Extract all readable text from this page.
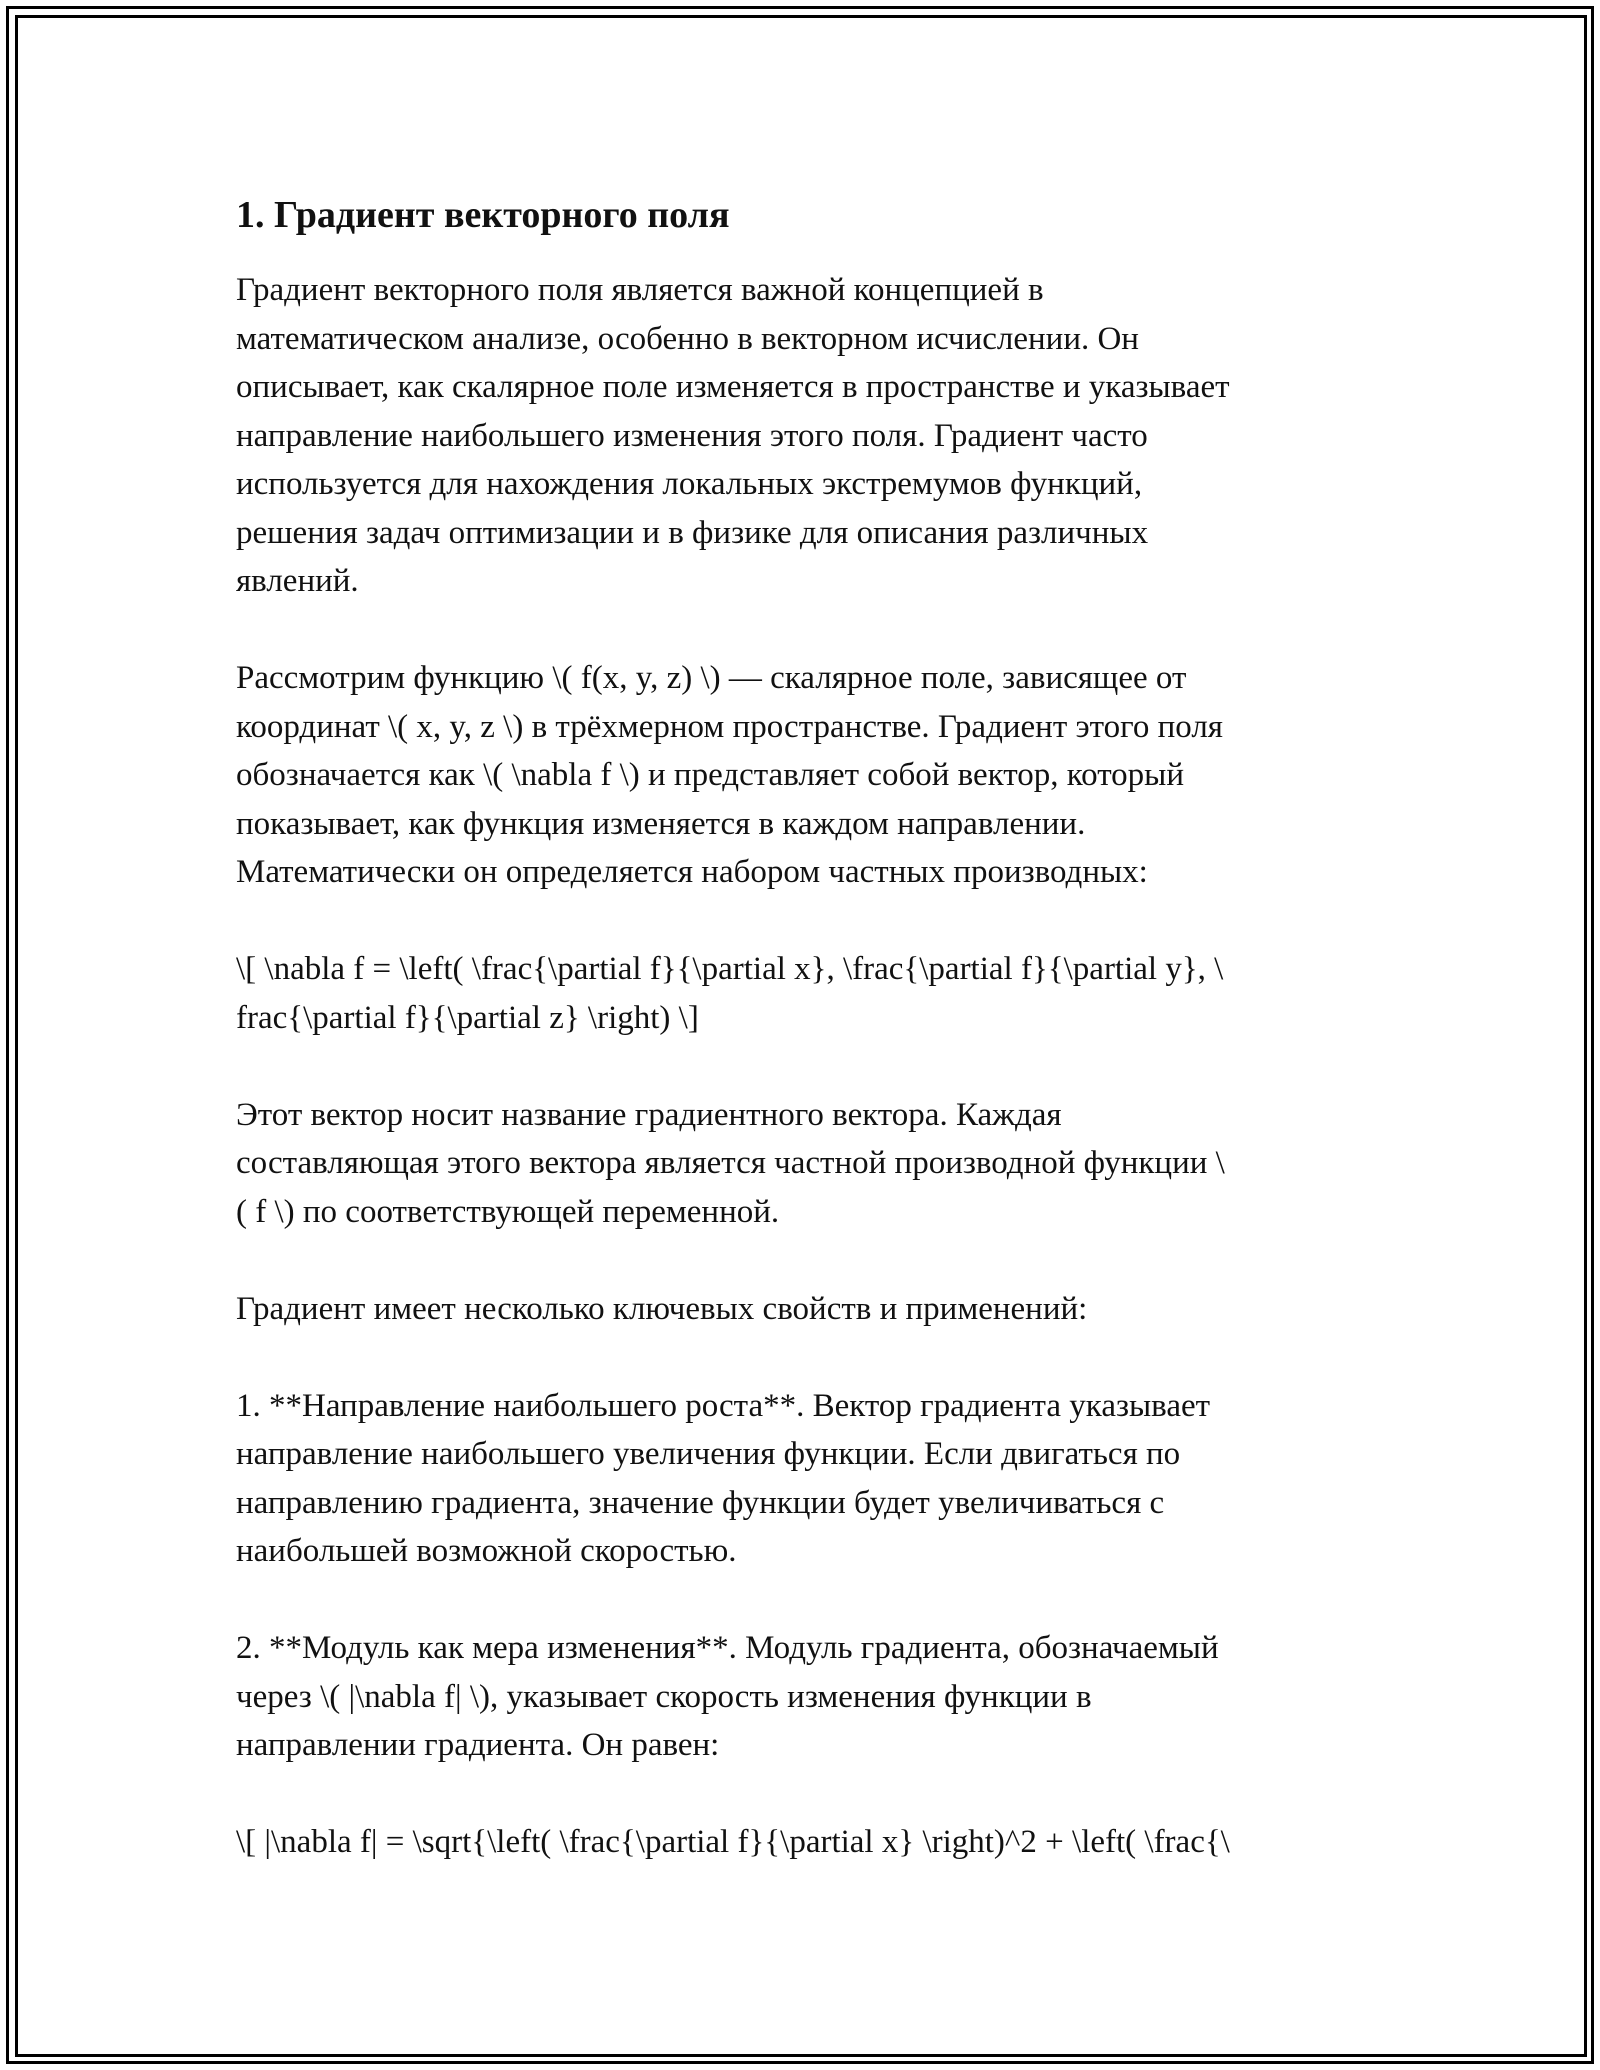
1. Градиент векторного поля
Градиент векторного поля является важной концепцией в
математическом анализе, особенно в векторном исчислении. Он
описывает, как скалярное поле изменяется в пространстве и указывает
направление наибольшего изменения этого поля. Градиент часто
используется для нахождения локальных экстремумов функций,
решения задач оптимизации и в физике для описания различных
явлений.
Рассмотрим функцию \( f(x, y, z) \) — скалярное поле, зависящее от
координат \( x, y, z \) в трёхмерном пространстве. Градиент этого поля
обозначается как \( \nabla f \) и представляет собой вектор, который
показывает, как функция изменяется в каждом направлении.
Математически он определяется набором частных производных:
\[ \nabla f = \left( \frac{\partial f}{\partial x}, \frac{\partial f}{\partial y}, \
frac{\partial f}{\partial z} \right) \]
Этот вектор носит название градиентного вектора. Каждая
составляющая этого вектора является частной производной функции \
( f \) по соответствующей переменной.
Градиент имеет несколько ключевых свойств и применений:
1. **Направление наибольшего роста**. Вектор градиента указывает
направление наибольшего увеличения функции. Если двигаться по
направлению градиента, значение функции будет увеличиваться с
наибольшей возможной скоростью.
2. **Модуль как мера изменения**. Модуль градиента, обозначаемый
через \( |\nabla f| \), указывает скорость изменения функции в
направлении градиента. Он равен:
\[ |\nabla f| = \sqrt{\left( \frac{\partial f}{\partial x} \right)^2 + \left( \frac{\
